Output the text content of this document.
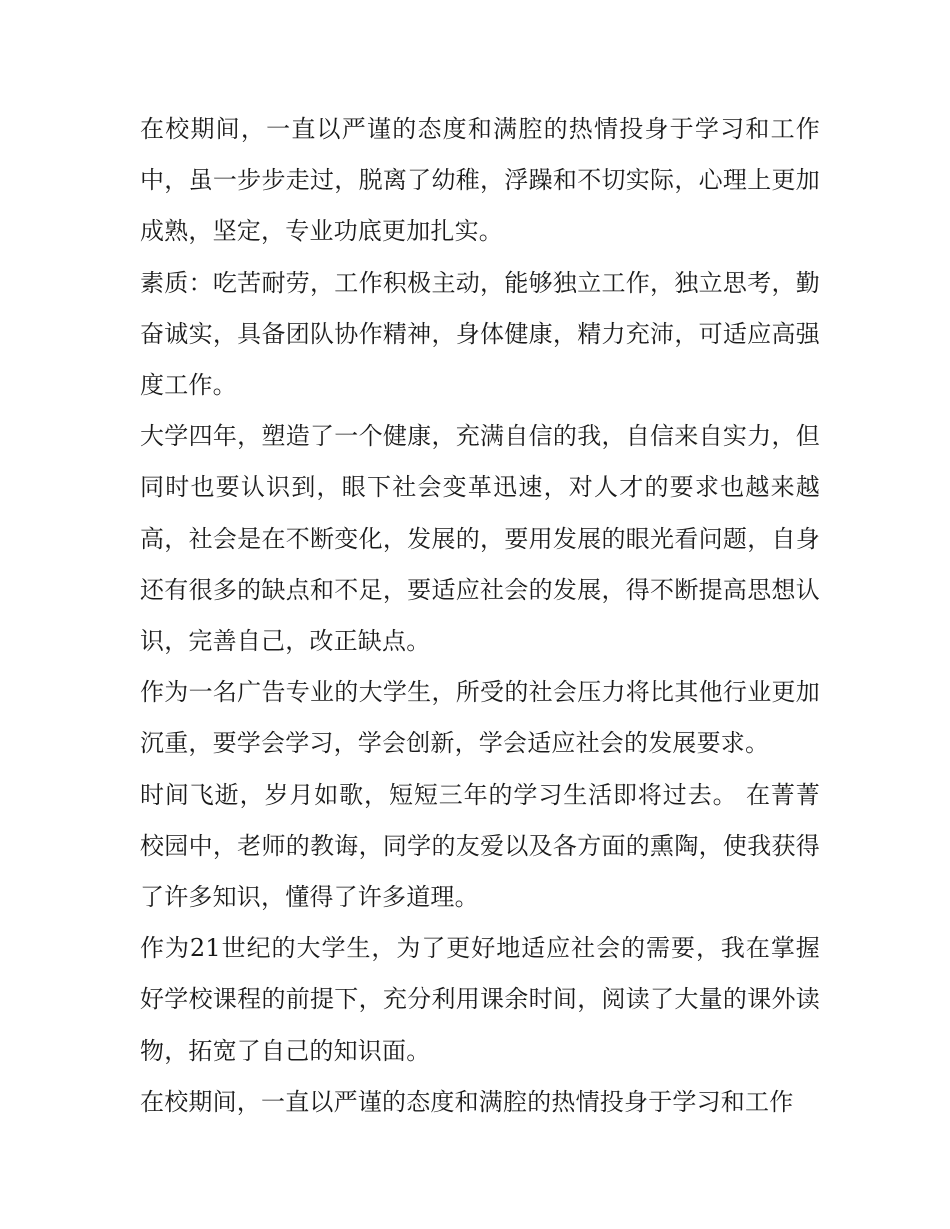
在校期间，一直以严谨的态度和满腔的热情投身于学习和工作中，虽一步步走过，脱离了幼稚，浮躁和不切实际，心理上更加成熟，坚定，专业功底更加扎实。

素质：吃苦耐劳，工作积极主动，能够独立工作，独立思考，勤奋诚实，具备团队协作精神，身体健康，精力充沛，可适应高强度工作。

大学四年，塑造了一个健康，充满自信的我，自信来自实力，但同时也要认识到，眼下社会变革迅速，对人才的要求也越来越高，社会是在不断变化，发展的，要用发展的眼光看问题，自身还有很多的缺点和不足，要适应社会的发展，得不断提高思想认识，完善自己，改正缺点。

作为一名广告专业的大学生，所受的社会压力将比其他行业更加沉重，要学会学习，学会创新，学会适应社会的发展要求。

时间飞逝，岁月如歌，短短三年的学习生活即将过去。 在菁菁校园中，老师的教诲，同学的友爱以及各方面的熏陶，使我获得了许多知识，懂得了许多道理。

作为21世纪的大学生，为了更好地适应社会的需要，我在掌握好学校课程的前提下，充分利用课余时间，阅读了大量的课外读物，拓宽了自己的知识面。

在校期间，一直以严谨的态度和满腔的热情投身于学习和工作
